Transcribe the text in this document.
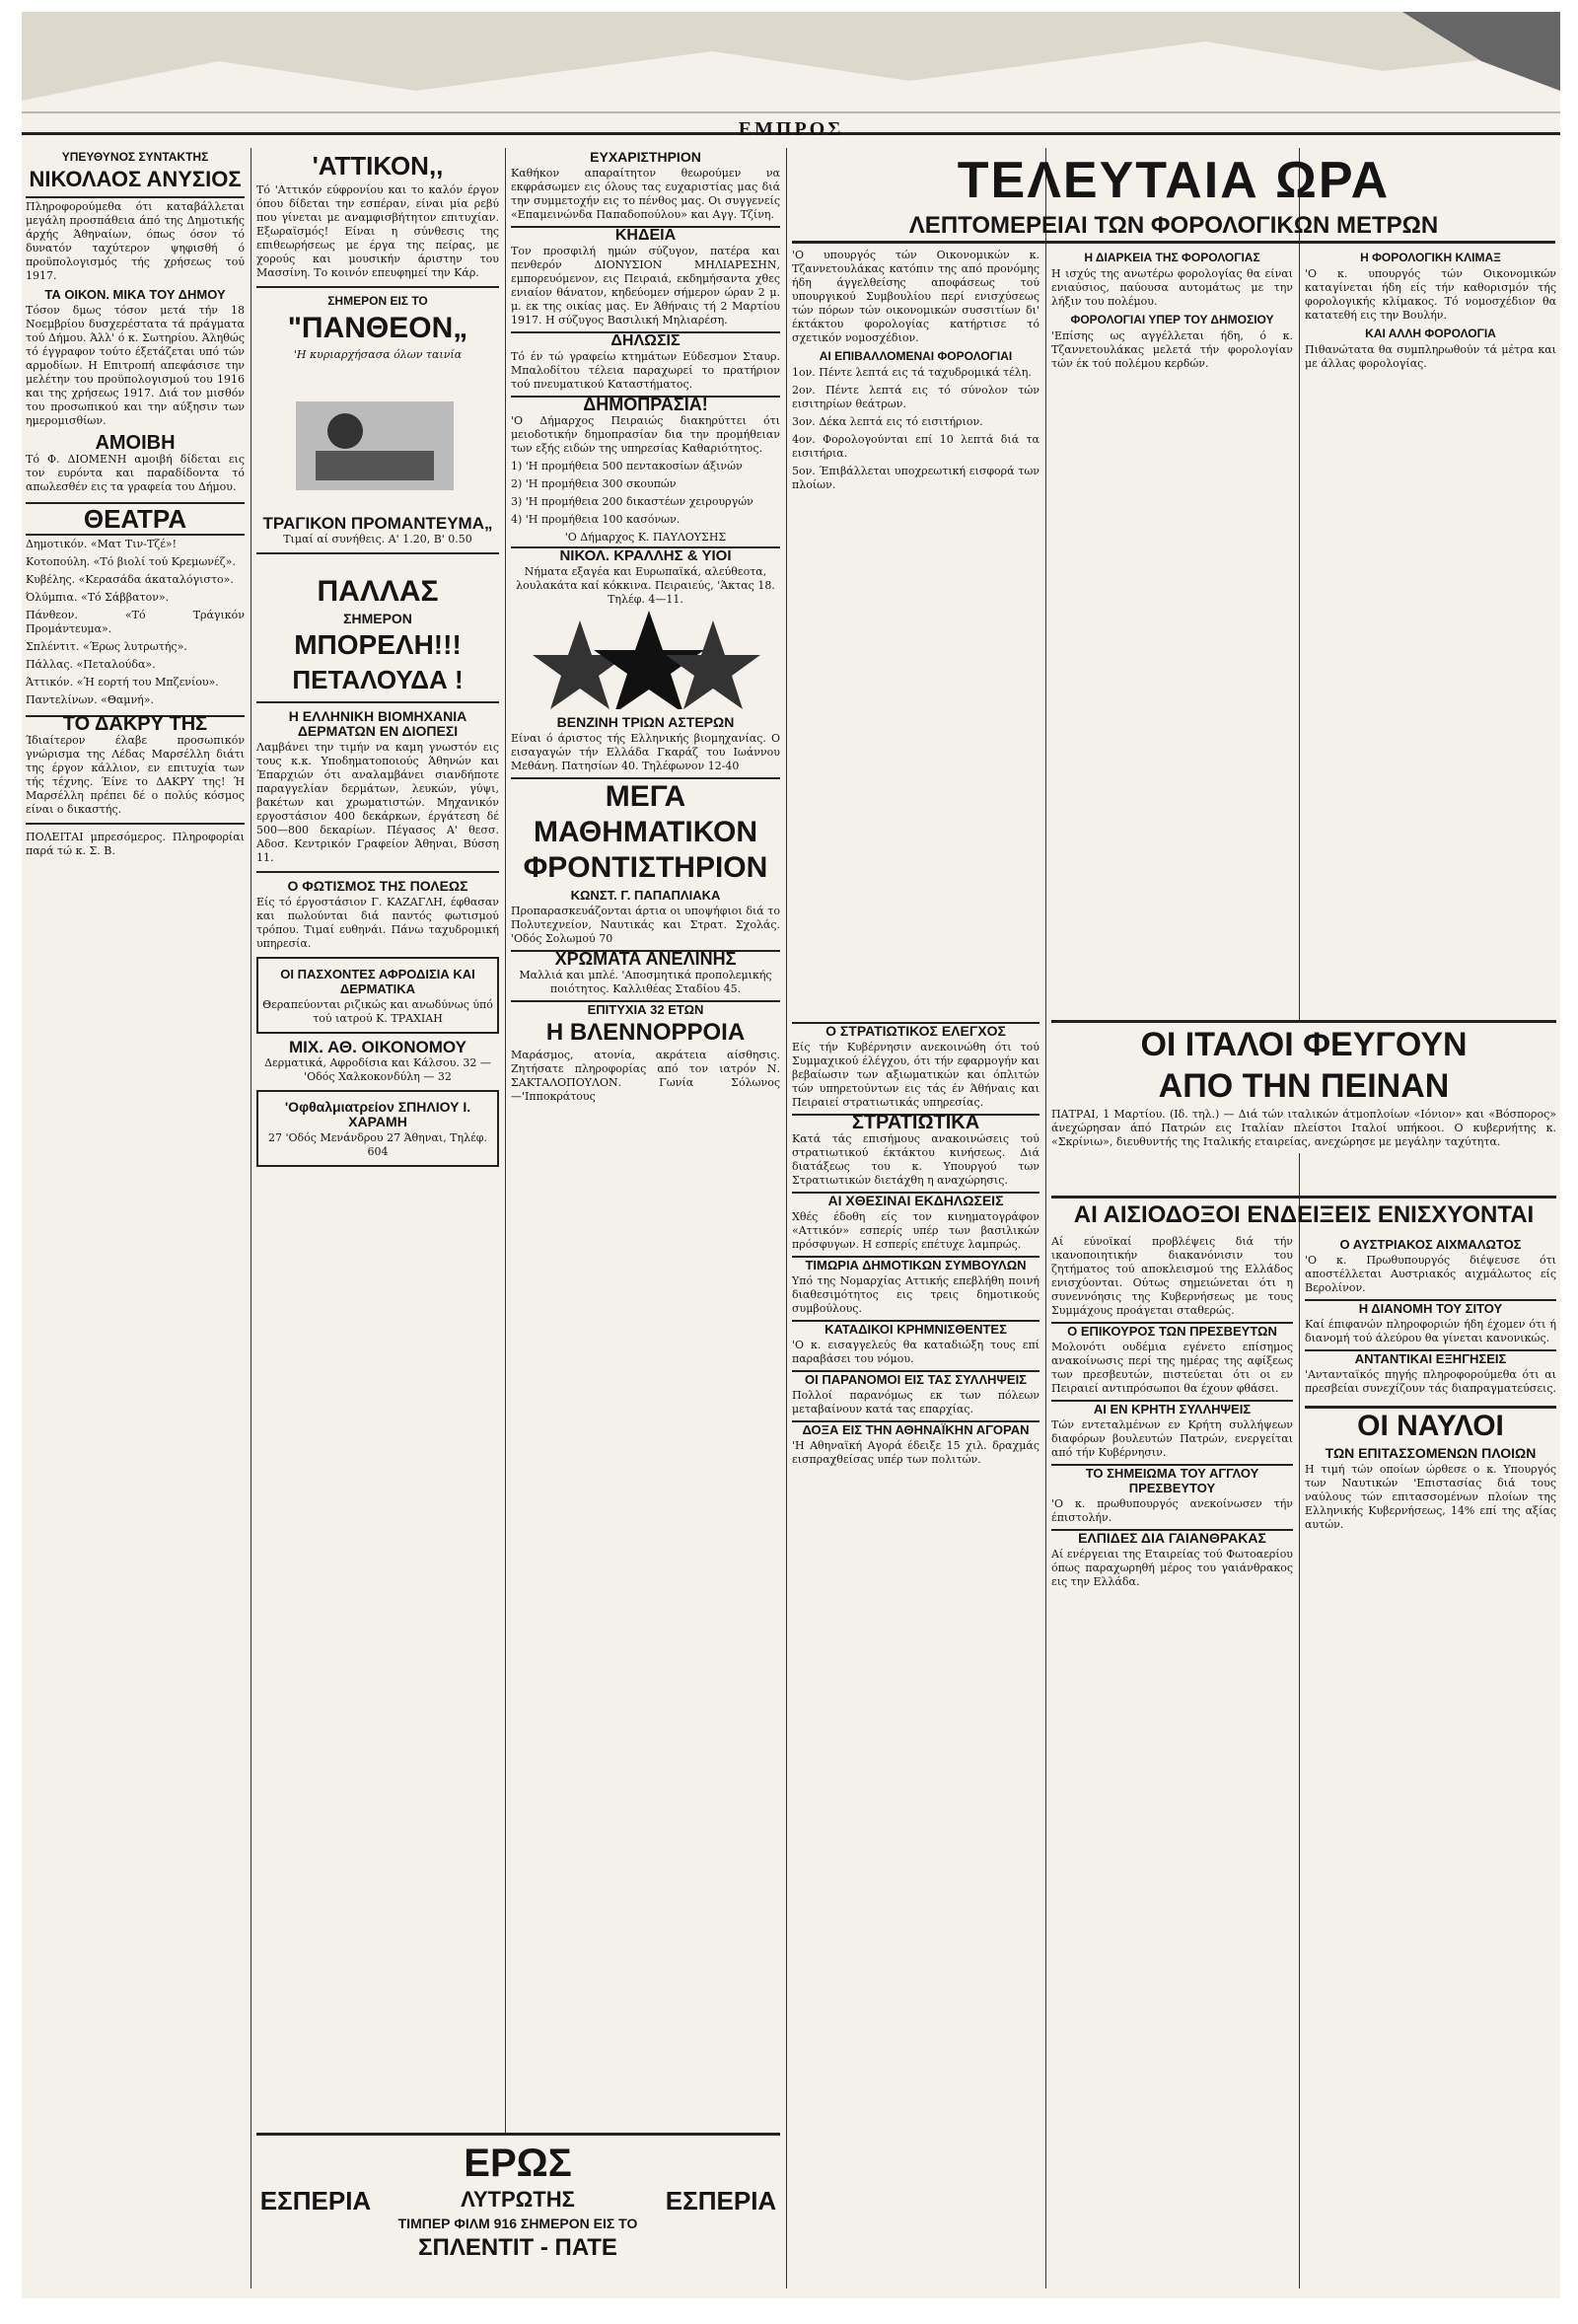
ΕΜΠΡΟΣ
ΥΠΕΥΘΥΝΟΣ ΣΥΝΤΑΚΤΗΣ
ΝΙΚΟΛΑΟΣ ΑΝΥΣΙΟΣ

Πληροφορούμεθα ότι καταβάλλεται μεγάλη προσπάθεια άπό της Δημοτικής άρχής Άθηναίων, όπως όσον τό δυνατόν ταχύτερον ψηφισθή ό προϋπολογισμός τής χρήσεως τού 1917.

ΤΑ ΟΙΚΟΝ. ΜΙΚΑ ΤΟΥ ΔΗΜΟΥ

Τόσον δμως τόσον μετά τήν 18 Νοεμβρίου δυσχερέστατα τά πράγματα τού Δήμου. Άλλ' ό κ. Σωτηρίου. Άληθώς τό έγγραφον τούτο έξετάζεται υπό τών αρμοδίων. Η Επιτροπή απεφάσισε την μελέτην του προϋπολογισμού του 1916 και της χρήσεως 1917. Διά τον μισθόν του προσωπικού και την αύξησιν των ημερομισθίων.

ΑΜΟΙΒΗ

Τό Φ. ΔΙΟΜΕΝΗ αμοιβή δίδεται εις τον ευρόντα και παραδίδοντα τό απωλεσθέν εις τα γραφεία του Δήμου.

ΘΕΑΤΡΑ

Δημοτικόν. «Ματ Τιν-Τζέ»!

Κοτοπούλη. «Τό βιολί τού Κρεμωνέζ».

Κυβέλης. «Κερασάδα άκαταλόγιστο».

Όλύμπια. «Τό Σάββατον».

Πάνθεον. «Τό Τράγικόν Προμάντευμα».

Σπλέντιτ. «Έρως λυτρωτής».

Πάλλας. «Πεταλούδα».

Άττικόν. «Ή εορτή του Μπζενίου».

Παντελίνων. «Θαμνή».

ΤΟ ΔΑΚΡΥ ΤΗΣ

Ίδιαίτερον έλαβε προσωπικόν γνώρισμα της Λέδας Μαρσέλλη διάτι της έργον κάλλιον, εν επιτυχία των τής τέχνης. Έίνε το ΔΑΚΡΥ της! Ή Μαρσέλλη πρέπει δέ ο πολύς κόσμος είναι ο δικαστής.

ΠΟΛΕΙΤΑΙ μπρεσόμερος. Πληροφορίαι παρά τώ κ. Σ. Β.

'ΑΤΤΙΚΟΝ,,

Τό 'Αττικόν εύφρονίου και το καλόν έργον όπου δίδεται την εσπέραν, είναι μία ρεβύ που γίνεται με αναμφισβήτητον επιτυχίαν. Εξωραϊσμός! Είναι η σύνθεσις της επιθεωρήσεως με έργα της πείρας, με χορούς και μουσικήν άριστην του Μασσίνη. Το κοινόν επευφημεί την Κάρ.

ΣΗΜΕΡΟΝ ΕΙΣ ΤΟ
"ΠΑΝΘΕΟΝ„
'Η κυριαρχήσασα όλων ταινία
ΤΡΑΓΙΚΟΝ ΠΡΟΜΑΝΤΕΥΜΑ„
Τιμαί αί συνήθεις. Α' 1.20, Β' 0.50
ΠΑΛΛΑΣ
ΣΗΜΕΡΟΝ
ΜΠΟΡΕΛΗ!!!
ΠΕΤΑΛΟΥΔΑ !
Η ΕΛΛΗΝΙΚΗ ΒΙΟΜΗΧΑΝΙΑ ΔΕΡΜΑΤΩΝ ΕΝ ΔΙΟΠΕΣΙ

Λαμβάνει την τιμήν να καμη γνωστόν εις τους κ.κ. Υποδηματοποιούς Άθηνών και Έπαρχιών ότι αναλαμβάνει σιανδήποτε παραγγελίαν δερμάτων, λευκών, γύψι, βακέτων και χρωματιστών. Μηχανικόν εργοστάσιον 400 δεκάρκων, έργάτεση δέ 500—800 δεκαρίων. Πέγασος Α' θεσσ. Αδοσ. Κεντρικόν Γραφείον Άθηναι, Βύσση 11.

Ο ΦΩΤΙΣΜΟΣ ΤΗΣ ΠΟΛΕΩΣ

Είς τό έργοστάσιον Γ. ΚΑΖΑΓΛΗ, έφθασαν και πωλούνται διά παντός φωτισμού τρόπου. Τιμαί ευθηνάι. Πάνω ταχυδρομική υπηρεσία.

ΟΙ ΠΑΣΧΟΝΤΕΣ ΑΦΡΟΔΙΣΙΑ ΚΑΙ ΔΕΡΜΑΤΙΚΑ
Θεραπεύονται ριζικώς και ανωδύνως ύπό τού ιατρού Κ. ΤΡΑΧΙΑΗ
ΜΙΧ. ΑΘ. ΟΙΚΟΝΟΜΟΥ
Δερματικά, Αφροδίσια και Κάλσου. 32 — 'Οδός Χαλκοκονδύλη — 32
'Οφθαλμιατρείον ΣΠΗΛΙΟΥ Ι. ΧΑΡΑΜΗ
27 'Οδός Μενάνδρου 27 Άθηναι, Τηλέφ. 604
ΕΥΧΑΡΙΣΤΗΡΙΟΝ

Καθήκον απαραίτητον θεωρούμεν να εκφράσωμεν εις όλους τας ευχαριστίας μας διά την συμμετοχήν εις το πένθος μας. Οι συγγενείς «Επαμεινώνδα Παπαδοπούλου» και Αγγ. Τζίνη.

ΚΗΔΕΙΑ

Τον προσφιλή ημών σύζυγον, πατέρα και πενθερόν ΔΙΟΝΥΣΙΟΝ ΜΗΛΙΑΡΕΣΗΝ, εμπορευόμενον, εις Πειραιά, εκδημήσαντα χθες ενιαίον θάνατον, κηδεύομεν σήμερον ώραν 2 μ. μ. εκ της οικίας μας. Εν Άθήναις τή 2 Μαρτίου 1917. Η σύζυγος Βασιλική Μηλιαρέση.

ΔΗΛΩΣΙΣ

Τό έν τώ γραφείω κτημάτων Εύδεσμον Σταυρ. Μπαλοδίτου τέλεια παραχωρεί το πρατήριον τού πνευματικού Καταστήματος.

ΔΗΜΟΠΡΑΣΙΑ!

'Ο Δήμαρχος Πειραιώς διακηρύττει ότι μειοδοτικήν δημοπρασίαν δια την προμήθειαν των εξής ειδών της υπηρεσίας Καθαριότητος.

1) 'Η προμήθεια 500 πεντακοσίων άξινών

2) 'Η προμήθεια 300 σκουπών

3) 'Η προμήθεια 200 δικαστέων χειρουργών

4) 'Η προμήθεια 100 κασόνων.

'Ο Δήμαρχος Κ. ΠΑΥΛΟΥΣΗΣ
ΝΙΚΟΛ. ΚΡΑΛΛΗΣ & ΥΙΟΙ

Νήματα εξαγέα και Ευρωπαϊκά, αλεύθεοτα, λουλακάτα καί κόκκινα. Πειραιεύς, 'Άκτας 18. Τηλέφ. 4—11.

ΒΕΝΖΙΝΗ ΤΡΙΩΝ ΑΣΤΕΡΩΝ

Είναι ό άριστος τής Ελληνικής βιομηχανίας. Ο εισαγαγών τήν Ελλάδα Γκαράζ του Ιωάννου Μεθάνη. Πατησίων 40. Τηλέφωνον 12-40

ΜΕΓΑ ΜΑΘΗΜΑΤΙΚΟΝ ΦΡΟΝΤΙΣΤΗΡΙΟΝ
ΚΩΝΣΤ. Γ. ΠΑΠΑΠΛΙΑΚΑ

Προπαρασκευάζονται άρτια οι υποψήφιοι διά το Πολυτεχνείον, Ναυτικάς και Στρατ. Σχολάς. 'Οδός Σολωμού 70

ΧΡΩΜΑΤΑ ΑΝΕΛΙΝΗΣ

Μαλλιά και μπλέ. 'Αποσμητικά προπολεμικής ποιότητος. Καλλιθέας Σταδίου 45.

ΕΠΙΤΥΧΙΑ 32 ΕΤΩΝ
Η ΒΛΕΝΝΟΡΡΟΙΑ

Μαράσμος, ατονία, ακράτεια αίσθησις. Ζητήσατε πληροφορίας από τον ιατρόν Ν. ΣΑΚΤΑΛΟΠΟΥΛΟΝ. Γωνία Σόλωνος—'Ιπποκράτους

ΕΣΠΕΡΙΑ	ΕΣΠΕΡΙΑ
ΕΡΩΣ
ΛΥΤΡΩΤΗΣ
ΤΙΜΠΕΡ ΦΙΛΜ 916 ΣΗΜΕΡΟΝ ΕΙΣ ΤΟ
ΣΠΛΕΝΤΙΤ - ΠΑΤΕ
ΤΕΛΕΥΤΑΙΑ ΩΡΑ
ΛΕΠΤΟΜΕΡΕΙΑΙ ΤΩΝ ΦΟΡΟΛΟΓΙΚΩΝ ΜΕΤΡΩΝ

'Ο υπουργός τών Οικονομικών κ. Τζαννετουλάκας κατόπιν της από προνόμης ήδη άγγελθείσης αποφάσεως τού υπουργικού Συμβουλίου περί ενισχύσεως τών πόρων τών οικονομικών συσσιτίων δι' έκτάκτου φορολογίας κατήρτισε τό σχετικόν νομοσχέδιον.

ΑΙ ΕΠΙΒΑΛΛΟΜΕΝΑΙ ΦΟΡΟΛΟΓΙΑΙ

1ον. Πέντε λεπτά εις τά ταχυδρομικά τέλη.

2ον. Πέντε λεπτά εις τό σύνολον τών εισιτηρίων θεάτρων.

3ον. Δέκα λεπτά εις τό εισιτήριον.

4ον. Φορολογούνται επί 10 λεπτά διά τα εισιτήρια.

5ον. Έπιβάλλεται υποχρεωτική εισφορά των πλοίων.

Η ΔΙΑΡΚΕΙΑ ΤΗΣ ΦΟΡΟΛΟΓΙΑΣ

Η ισχύς της ανωτέρω φορολογίας θα είναι ενιαύσιος, παύουσα αυτομάτως με την λήξιν του πολέμου.

ΦΟΡΟΛΟΓΙΑΙ ΥΠΕΡ ΤΟΥ ΔΗΜΟΣΙΟΥ

'Επίσης ως αγγέλλεται ήδη, ό κ. Τζαννετουλάκας μελετά τήν φορολογίαν τών έκ τού πολέμου κερδών.

Η ΦΟΡΟΛΟΓΙΚΗ ΚΛΙΜΑΞ

'Ο κ. υπουργός τών Οικονομικών καταγίνεται ήδη είς τήν καθορισμόν τής φορολογικής κλίμακος. Τό νομοσχέδιον θα κατατεθή εις την Βουλήν.

ΚΑΙ ΑΛΛΗ ΦΟΡΟΛΟΓΙΑ

Πιθανώτατα θα συμπληρωθούν τά μέτρα και με άλλας φορολογίας.

ΟΙ ΙΤΑΛΟΙ ΦΕΥΓΟΥΝ
ΑΠΟ ΤΗΝ ΠΕΙΝΑΝ

ΠΑΤΡΑΙ, 1 Μαρτίου. (Ιδ. τηλ.) — Διά τών ιταλικών άτμοπλοίων «Ιόνιον» και «Βόσπορος» άνεχώρησαν άπό Πατρών εις Ιταλίαν πλείστοι Ιταλοί υπήκοοι. Ο κυβερνήτης κ. «Σκρίνιω», διευθυντής της Ιταλικής εταιρείας, ανεχώρησε με μεγάλην ταχύτητα.

Ο ΣΤΡΑΤΙΩΤΙΚΟΣ ΕΛΕΓΧΟΣ

Είς τήν Κυβέρνησιν ανεκοινώθη ότι τού Συμμαχικού έλέγχου, ότι τήν εφαρμογήν και βεβαίωσιν των αξιωματικών και όπλιτών τών υπηρετούντων εις τάς έν Άθήναις και Πειραιεί στρατιωτικάς υπηρεσίας.

ΣΤΡΑΤΙΩΤΙΚΑ

Κατά τάς επισήμους ανακοινώσεις τού στρατιωτικού έκτάκτου κινήσεως. Διά διατάξεως του κ. Υπουργού των Στρατιωτικών διετάχθη η αναχώρησις.

ΑΙ ΧΘΕΣΙΝΑΙ ΕΚΔΗΛΩΣΕΙΣ

Χθές έδοθη είς τον κινηματογράφον «Αττικόν» εσπερίς υπέρ των βασιλικών πρόσφυγων. Η εσπερίς επέτυχε λαμπρώς.

ΤΙΜΩΡΙΑ ΔΗΜΟΤΙΚΩΝ ΣΥΜΒΟΥΛΩΝ

Υπό της Νομαρχίας Αττικής επεβλήθη ποινή διαθεσιμότητος εις τρεις δημοτικούς συμβούλους.

ΚΑΤΑΔΙΚΟΙ ΚΡΗΜΝΙΣΘΕΝΤΕΣ

'Ο κ. εισαγγελεύς θα καταδιώξη τους επί παραβάσει του νόμου.

ΟΙ ΠΑΡΑΝΟΜΟΙ ΕΙΣ ΤΑΣ ΣΥΛΛΗΨΕΙΣ

Πολλοί παρανόμως εκ των πόλεων μεταβαίνουν κατά τας επαρχίας.

ΔΟΞΑ ΕΙΣ ΤΗΝ ΑΘΗΝΑΪΚΗΝ ΑΓΟΡΑΝ

'Η Αθηναϊκή Αγορά έδειξε 15 χιλ. δραχμάς εισπραχθείσας υπέρ των πολιτών.

ΑΙ ΑΙΣΙΟΔΟΞΟΙ ΕΝΔΕΙΞΕΙΣ ΕΝΙΣΧΥΟΝΤΑΙ

Αί εύνοϊκαί προβλέψεις διά τήν ικανοποιητικήν διακανόνισιν του ζητήματος τού αποκλεισμού της Ελλάδος ενισχύονται. Ούτως σημειώνεται ότι η συνεννόησις της Κυβερνήσεως με τους Συμμάχους προάγεται σταθερώς.

Ο ΕΠΙΚΟΥΡΟΣ ΤΩΝ ΠΡΕΣΒΕΥΤΩΝ

Μολονότι ουδέμια εγένετο επίσημος ανακοίνωσις περί της ημέρας της αφίξεως των πρεσβευτών, πιστεύεται ότι οι εν Πειραιεί αντιπρόσωποι θα έχουν φθάσει.

ΑΙ ΕΝ ΚΡΗΤΗ ΣΥΛΛΗΨΕΙΣ

Τών εντεταλμένων εν Κρήτη συλλήψεων διαφόρων βουλευτών Πατρών, ενεργείται από τήν Κυβέρνησιν.

ΤΟ ΣΗΜΕΙΩΜΑ ΤΟΥ ΑΓΓΛΟΥ ΠΡΕΣΒΕΥΤΟΥ

'Ο κ. πρωθυπουργός ανεκοίνωσεν τήν έπιστολήν.

ΕΛΠΙΔΕΣ ΔΙΑ ΓΑΙΑΝΘΡΑΚΑΣ

Αί ενέργειαι της Εταιρείας τού Φωτοαερίου όπως παραχωρηθή μέρος του γαιάνθρακος εις την Ελλάδα.

Ο ΑΥΣΤΡΙΑΚΟΣ ΑΙΧΜΑΛΩΤΟΣ

'Ο κ. Πρωθυπουργός διέψευσε ότι αποστέλλεται Αυστριακός αιχμάλωτος είς Βερολίνον.

Η ΔΙΑΝΟΜΗ ΤΟΥ ΣΙΤΟΥ

Καί έπιφανών πληροφοριών ήδη έχομεν ότι ή διανομή τού άλεύρου θα γίνεται κανονικώς.

ΑΝΤΑΝΤΙΚΑΙ ΕΞΗΓΗΣΕΙΣ

'Αντανταϊκός πηγής πληροφορούμεθα ότι αι πρεσβείαι συνεχίζουν τάς διαπραγματεύσεις.

ΟΙ ΝΑΥΛΟΙ
ΤΩΝ ΕΠΙΤΑΣΣΟΜΕΝΩΝ ΠΛΟΙΩΝ

Η τιμή τών οποίων ώρθεσε ο κ. Υπουργός των Ναυτικών 'Επιστασίας διά τους ναύλους τών επιτασσομένων πλοίων της Ελληνικής Κυβερνήσεως, 14% επί της αξίας αυτών.
